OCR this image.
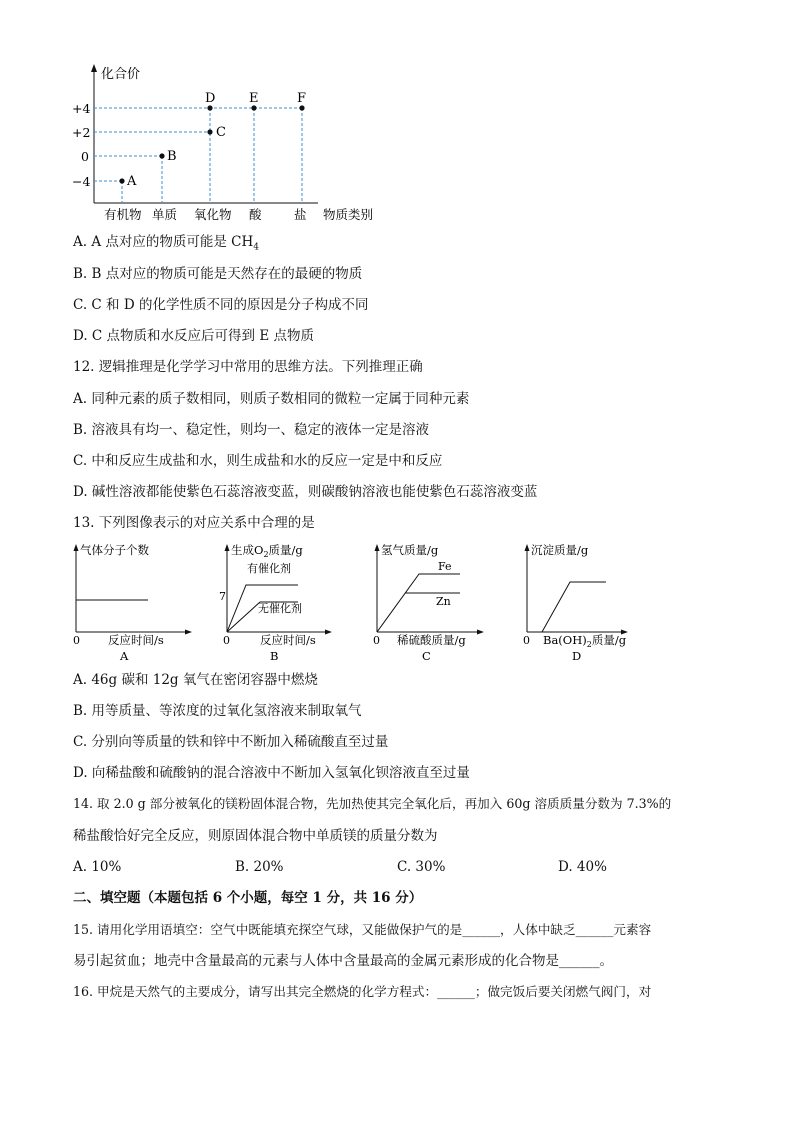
化合价
+4
+2
0
−4	A
B
C
D	E	F
有机物 单质 氧化物 酸	盐 物质类别
A. A 点对应的物质可能是 $CH_4$
B. B 点对应的物质可能是天然存在的最硬的物质
C. C 和 D 的化学性质不同的原因是分子构成不同
D. C 点物质和水反应后可得到 E 点物质
12. 逻辑推理是化学学习中常用的思维方法。下列推理正确
A. 同种元素的质子数相同，则质子数相同的微粒一定属于同种元素
B. 溶液具有均一、稳定性，则均一、稳定的液体一定是溶液
C. 中和反应生成盐和水，则生成盐和水的反应一定是中和反应
D. 碱性溶液都能使紫色石蕊溶液变蓝，则碳酸钠溶液也能使紫色石蕊溶液变蓝
13. 下列图像表示的对应关系中合理的是
气体分子个数
0 反应时间/s
A
生成$O_2$质量/g
7
有催化剂
无催化剂
0	反应时间/s
B
氢气质量/g
Fe
Zn
0 稀硫酸质量/g
C
沉淀质量/g
0 $Ba(OH)_2$质量/g
D
A. 46g 碳和 12g 氧气在密闭容器中燃烧
B. 用等质量、等浓度的过氧化氢溶液来制取氧气
C. 分别向等质量的铁和锌中不断加入稀硫酸直至过量
D. 向稀盐酸和硫酸钠的混合溶液中不断加入氢氧化钡溶液直至过量
14. 取 2.0 g 部分被氧化的镁粉固体混合物，先加热使其完全氧化后，再加入 60g 溶质质量分数为 7.3%的
稀盐酸恰好完全反应，则原固体混合物中单质镁的质量分数为
A. 10%	B. 20%	C. 30%	D. 40%
二、填空题（本题包括 6 个小题，每空 1 分，共 16 分）
15. 请用化学用语填空：空气中既能填充探空气球，又能做保护气的是______，人体中缺乏______元素容
易引起贫血；地壳中含量最高的元素与人体中含量最高的金属元素形成的化合物是______。
16. 甲烷是天然气的主要成分，请写出其完全燃烧的化学方程式：______；做完饭后要关闭燃气阀门，对
